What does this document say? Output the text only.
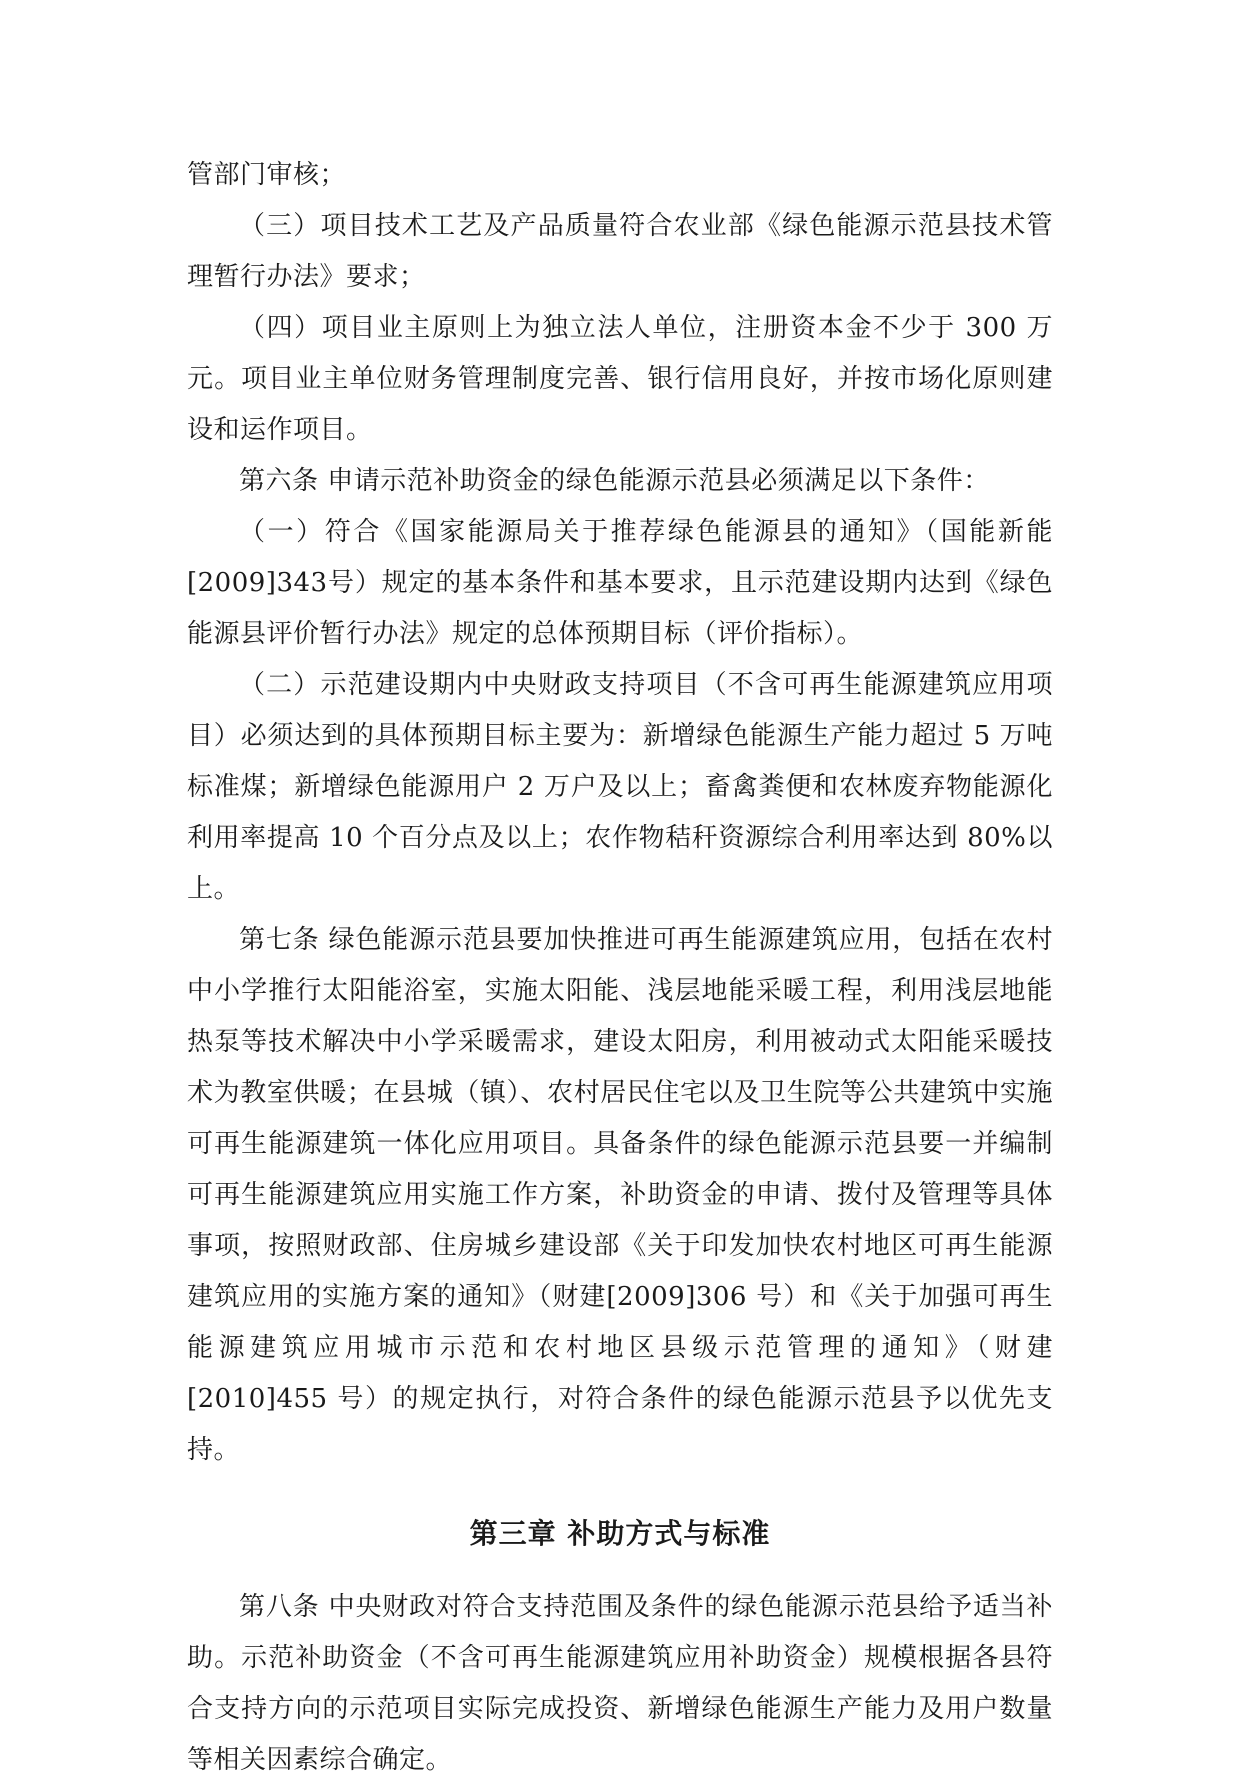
管部门审核；

（三）项目技术工艺及产品质量符合农业部《绿色能源示范县技术管理暂行办法》要求；

（四）项目业主原则上为独立法人单位，注册资本金不少于 300 万元。项目业主单位财务管理制度完善、银行信用良好，并按市场化原则建设和运作项目。

第六条 申请示范补助资金的绿色能源示范县必须满足以下条件：

（一）符合《国家能源局关于推荐绿色能源县的通知》（国能新能[2009]343号）规定的基本条件和基本要求，且示范建设期内达到《绿色能源县评价暂行办法》规定的总体预期目标（评价指标）。

（二）示范建设期内中央财政支持项目（不含可再生能源建筑应用项目）必须达到的具体预期目标主要为：新增绿色能源生产能力超过 5 万吨标准煤；新增绿色能源用户 2 万户及以上；畜禽粪便和农林废弃物能源化利用率提高 10 个百分点及以上；农作物秸秆资源综合利用率达到 80%以上。

第七条 绿色能源示范县要加快推进可再生能源建筑应用，包括在农村中小学推行太阳能浴室，实施太阳能、浅层地能采暖工程，利用浅层地能热泵等技术解决中小学采暖需求，建设太阳房，利用被动式太阳能采暖技术为教室供暖；在县城（镇）、农村居民住宅以及卫生院等公共建筑中实施可再生能源建筑一体化应用项目。具备条件的绿色能源示范县要一并编制可再生能源建筑应用实施工作方案，补助资金的申请、拨付及管理等具体事项，按照财政部、住房城乡建设部《关于印发加快农村地区可再生能源建筑应用的实施方案的通知》（财建[2009]306 号）和《关于加强可再生能源建筑应用城市示范和农村地区县级示范管理的通知》（财建[2010]455 号）的规定执行，对符合条件的绿色能源示范县予以优先支持。

第三章 补助方式与标准

第八条 中央财政对符合支持范围及条件的绿色能源示范县给予适当补助。示范补助资金（不含可再生能源建筑应用补助资金）规模根据各县符合支持方向的示范项目实际完成投资、新增绿色能源生产能力及用户数量等相关因素综合确定。
